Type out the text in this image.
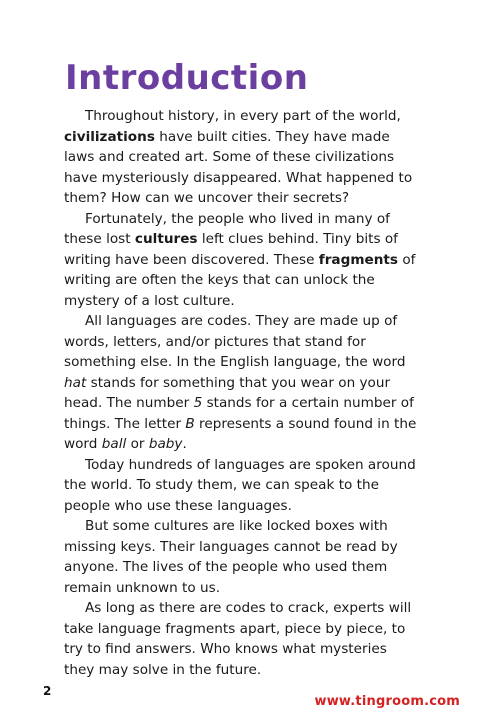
Introduction

Throughout history, in every part of the world, civilizations have built cities. They have made laws and created art. Some of these civilizations have mysteriously disappeared. What happened to them? How can we uncover their secrets?

Fortunately, the people who lived in many of these lost cultures left clues behind. Tiny bits of writing have been discovered. These fragments of writing are often the keys that can unlock the mystery of a lost culture.

All languages are codes. They are made up of words, letters, and/or pictures that stand for something else. In the English language, the word hat stands for something that you wear on your head. The number 5 stands for a certain number of things. The letter B represents a sound found in the word ball or baby.

Today hundreds of languages are spoken around the world. To study them, we can speak to the people who use these languages.

But some cultures are like locked boxes with missing keys. Their languages cannot be read by anyone. The lives of the people who used them remain unknown to us.

As long as there are codes to crack, experts will take language fragments apart, piece by piece, to try to find answers. Who knows what mysteries they may solve in the future.

2
www.tingroom.com
